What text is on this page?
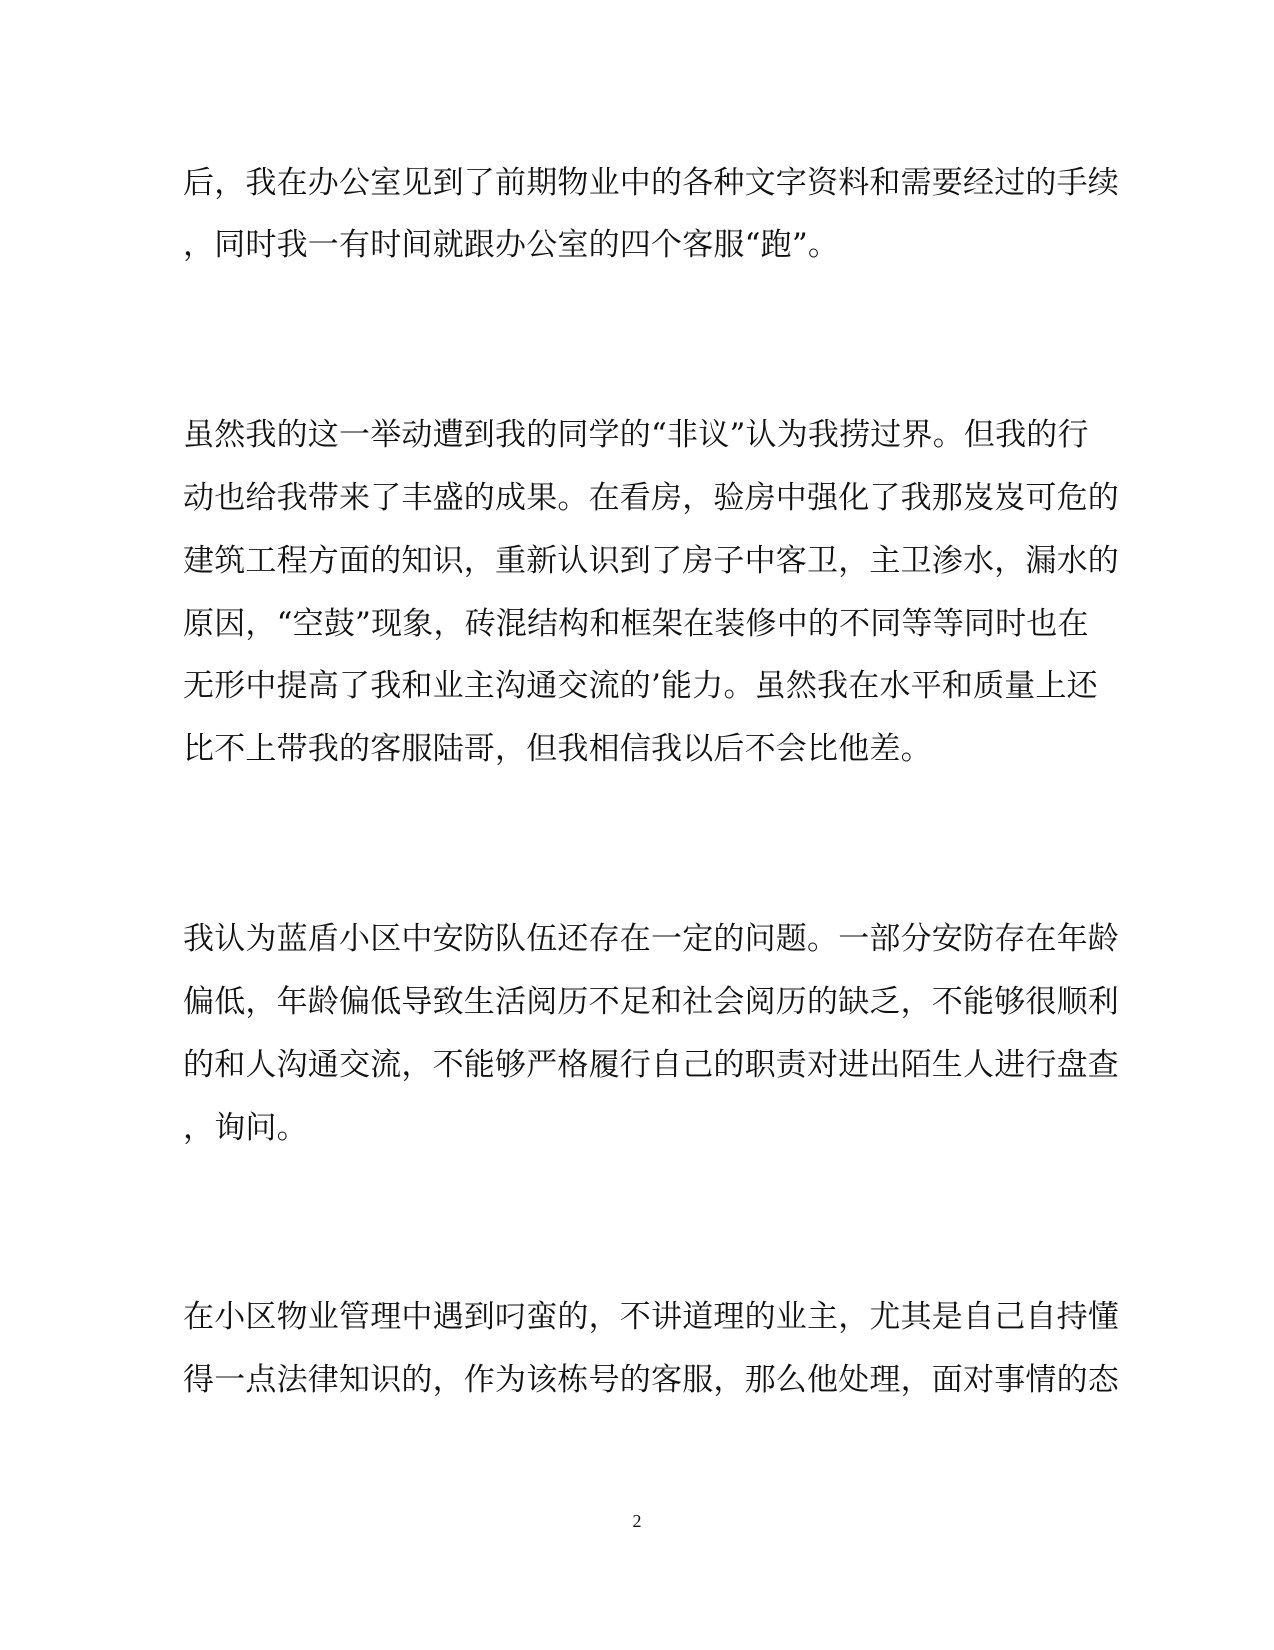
后，我在办公室见到了前期物业中的各种文字资料和需要经过的手续
，同时我一有时间就跟办公室的四个客服“跑”。
虽然我的这一举动遭到我的同学的“非议”认为我捞过界。但我的行
动也给我带来了丰盛的成果。在看房，验房中强化了我那岌岌可危的
建筑工程方面的知识，重新认识到了房子中客卫，主卫渗水，漏水的
原因，“空鼓”现象，砖混结构和框架在装修中的不同等等同时也在
无形中提高了我和业主沟通交流的’能力。虽然我在水平和质量上还
比不上带我的客服陆哥，但我相信我以后不会比他差。
我认为蓝盾小区中安防队伍还存在一定的问题。一部分安防存在年龄
偏低，年龄偏低导致生活阅历不足和社会阅历的缺乏，不能够很顺利
的和人沟通交流，不能够严格履行自己的职责对进出陌生人进行盘查
，询问。
在小区物业管理中遇到叼蛮的，不讲道理的业主，尤其是自己自持懂
得一点法律知识的，作为该栋号的客服，那么他处理，面对事情的态
2
